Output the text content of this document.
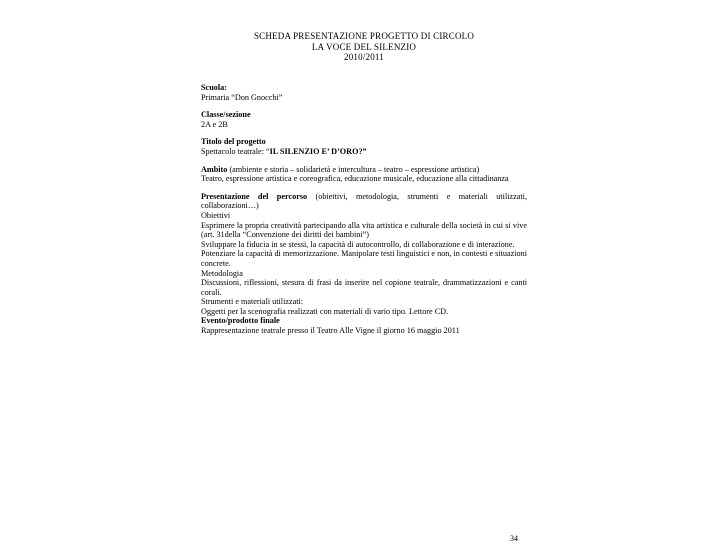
SCHEDA PRESENTAZIONE PROGETTO DI CIRCOLO
LA VOCE DEL SILENZIO
2010/2011
Scuola:
Primaria “Don Gnocchi”
Classe/sezione
2A e 2B
Titolo del progetto
Spettacolo teatrale: “IL SILENZIO E’ D’ORO?”
Ambito (ambiente e storia – solidarietà e intercultura – teatro – espressione artistica)
Teatro, espressione artistica e coreografica, educazione musicale, educazione alla cittadinanza
Presentazione del percorso (obiettivi, metodologia, strumenti e materiali utilizzati, collaborazioni…)
Obiettivi
Esprimere la propria creatività partecipando alla vita artistica e culturale della società in cui si vive (art. 31della “Convenzione dei diritti dei bambini”)
Sviluppare la fiducia in se stessi, la capacità di autocontrollo, di collaborazione e di interazione.
Potenziare la capacità di memorizzazione. Manipolare testi linguistici e non, in contesti e situazioni concrete.
Metodologia
Discussioni, riflessioni, stesura di frasi da inserire nel copione teatrale, drammatizzazioni e canti corali.
Strumenti e materiali utilizzati:
Oggetti per la scenografia realizzati con materiali di vario tipo. Lettore CD.
Evento/prodotto finale
Rappresentazione teatrale presso il Teatro Alle Vigne il giorno 16 maggio 2011
34
